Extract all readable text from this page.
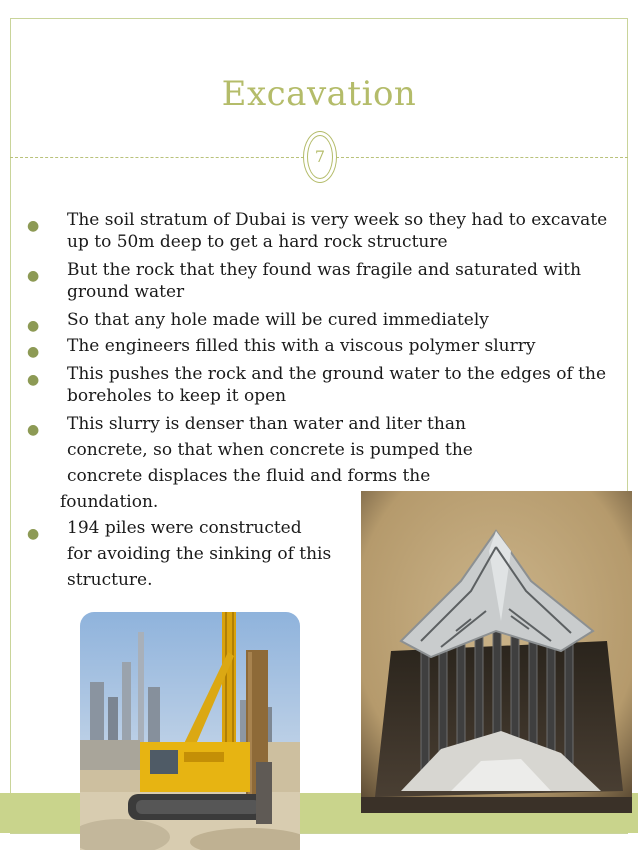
Excavation
7
● The soil stratum of Dubai is very week so they had to excavate
up to 50m deep to get a hard rock structure
● But the rock that they found was fragile and saturated with
ground water
● So that any hole made will be cured immediately
● The engineers filled this with a viscous polymer slurry
● This pushes the rock and the ground water to the edges of the
boreholes to keep it open
● This slurry is denser than water and liter than
concrete, so that when concrete is pumped the
concrete displaces the fluid and forms the
foundation.
● 194 piles were constructed
for avoiding the sinking of this
structure.
